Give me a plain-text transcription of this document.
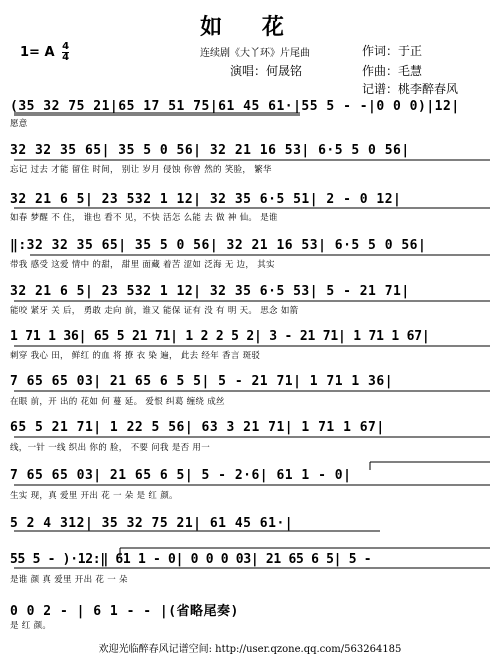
如 花
1= A $\frac{4}{4}$	连续剧《大丫环》片尾曲	作词：于正
演唱：何晟铭	作曲：毛慧
记谱：桃李醉春风
(35 32 75 21|65 17 51 75|61 45 61·|55 5 - -|0 0 0)|12|
愿意
32 32 35 65| 35 5 0 56| 32 21 16 53| 6·5 5 0 56|
忘记 过去 才能 留住 时间， 别让 岁月 侵蚀 你曾 然的 笑脸， 繁华
32 21 6 5| 23 532 1 12| 32 35 6·5 51| 2 - 0 12|
如春 梦醒 不 住， 谁也 看不 见，不快 活怎 么能 去 做 神 仙。 是谁
‖:32 32 35 65| 35 5 0 56| 32 21 16 53| 6·5 5 0 56|
带我 感受 这爱 情中 的甜， 甜里 面藏 着苦 涩如 泛海 无 边， 其实
32 21 6 5| 23 532 1 12| 32 35 6·5 53| 5 - 21 71|
能咬 紧牙 关 后， 勇敢 走向 前，谁又 能保 证有 没 有 明 天。 思念 如箭
1 71 1 36| 65 5 21 71| 1 2 2 5 2| 3 - 21 71| 1 71 1 67|
刺穿 我心 田， 鲜红 的血 将 撩 衣 染 遍， 此去 经年 香言 斑驳
7 65 65 03| 21 65 6 5 5| 5 - 21 71| 1 71 1 36|
在眼 前，开 出的 花如 何 蔓 延。 爱恨 纠葛 缠绕 成丝
65 5 21 71| 1 22 5 56| 63 3 21 71| 1 71 1 67|
线，一针 一线 织出 你的 脸， 不要 问我 是否 用一
7 65 65 03| 21 65 6 5| 5 - 2·6| 61 1 - 0|
生实 现，真 爱里 开出 花 一 朵 是 红 颜。
5 2 4 312| 35 32 75 21| 61 45 61·|
55 5 - )·12:‖ 61 1 - 0| 0 0 0 03| 21 65 6 5| 5 -
是谁 颜 真 爱里 开出 花 一 朵
0 0 2 - | 6 1 - - |(省略尾奏)
是 红 颜。
欢迎光临醉春风记谱空间: http://user.qzone.qq.com/563264185
